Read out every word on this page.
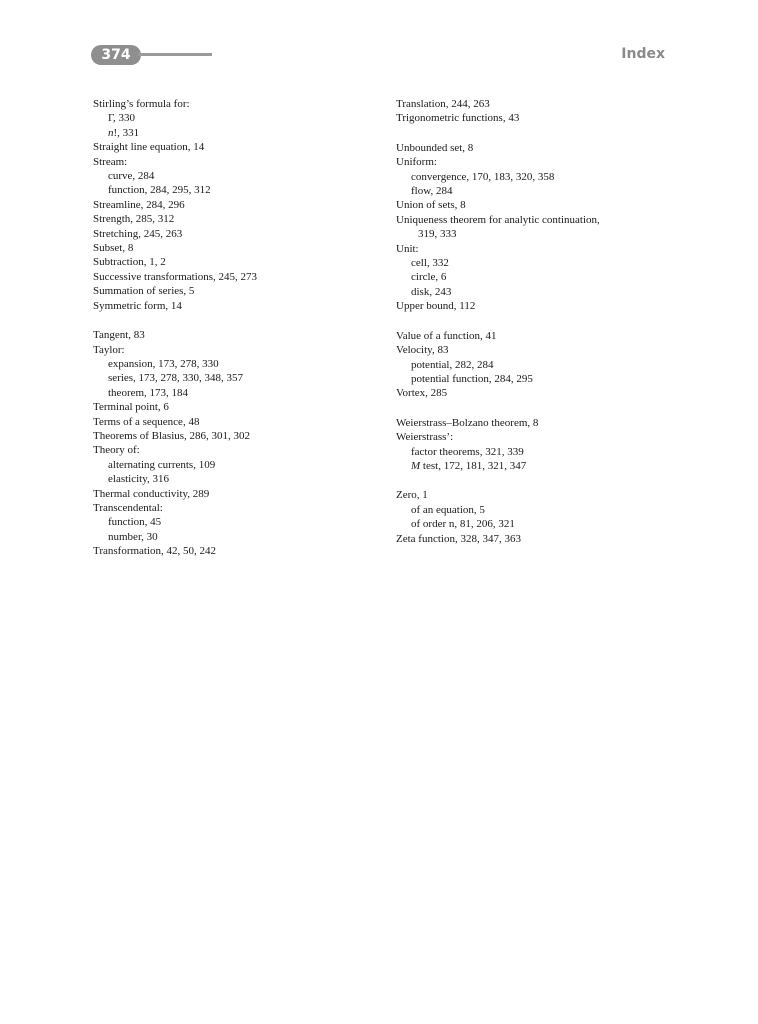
374	Index
Stirling’s formula for:
Γ, 330
n!, 331
Straight line equation, 14
Stream:
curve, 284
function, 284, 295, 312
Streamline, 284, 296
Strength, 285, 312
Stretching, 245, 263
Subset, 8
Subtraction, 1, 2
Successive transformations, 245, 273
Summation of series, 5
Symmetric form, 14
Tangent, 83
Taylor:
expansion, 173, 278, 330
series, 173, 278, 330, 348, 357
theorem, 173, 184
Terminal point, 6
Terms of a sequence, 48
Theorems of Blasius, 286, 301, 302
Theory of:
alternating currents, 109
elasticity, 316
Thermal conductivity, 289
Transcendental:
function, 45
number, 30
Transformation, 42, 50, 242
Translation, 244, 263
Trigonometric functions, 43
Unbounded set, 8
Uniform:
convergence, 170, 183, 320, 358
flow, 284
Union of sets, 8
Uniqueness theorem for analytic continuation,
319, 333
Unit:
cell, 332
circle, 6
disk, 243
Upper bound, 112
Value of a function, 41
Velocity, 83
potential, 282, 284
potential function, 284, 295
Vortex, 285
Weierstrass–Bolzano theorem, 8
Weierstrass’:
factor theorems, 321, 339
M test, 172, 181, 321, 347
Zero, 1
of an equation, 5
of order n, 81, 206, 321
Zeta function, 328, 347, 363
